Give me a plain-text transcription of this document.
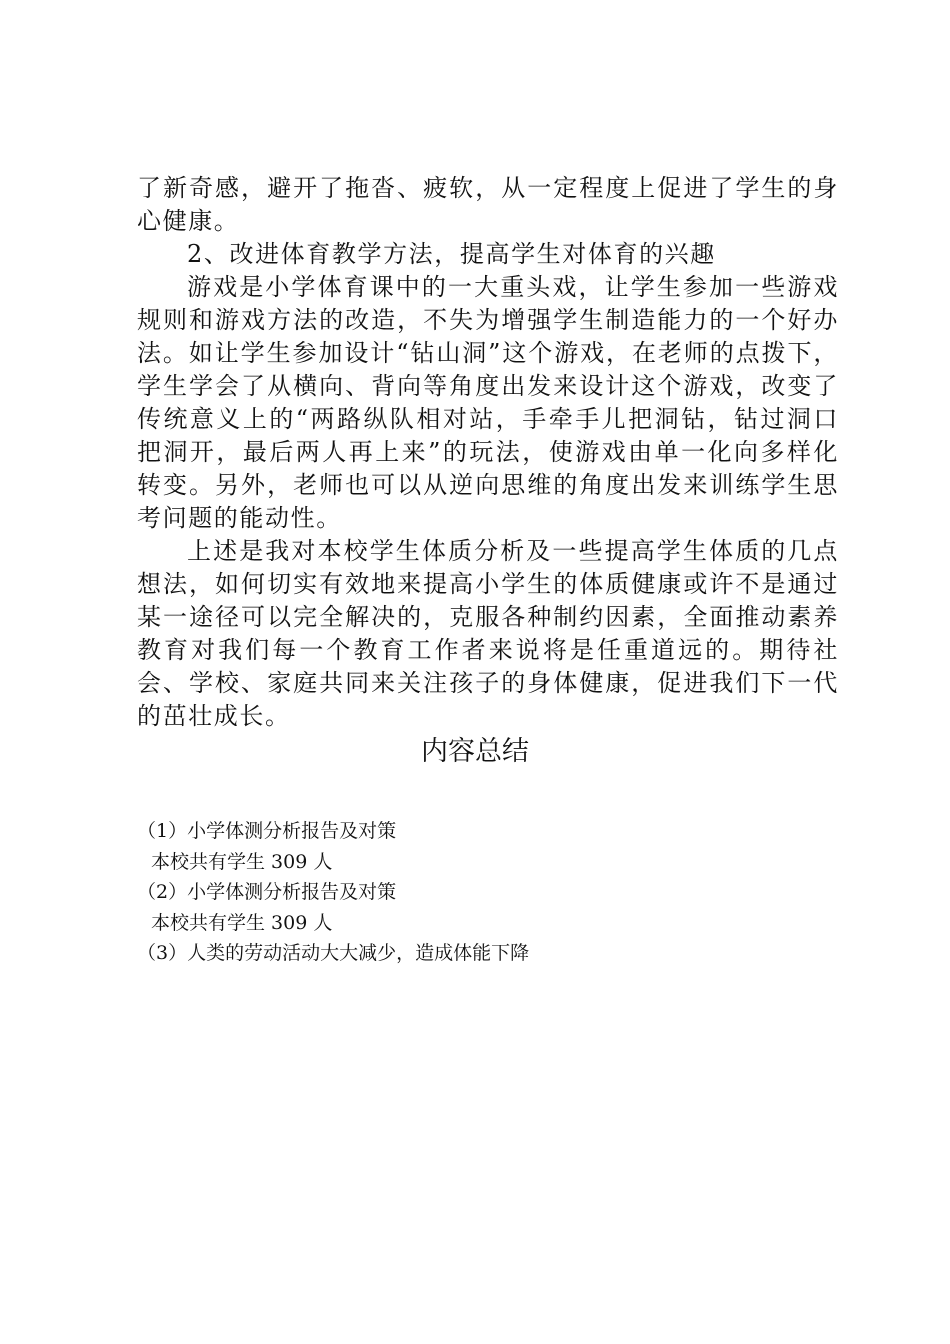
了新奇感，避开了拖沓、疲软，从一定程度上促进了学生的身心健康。

2、改进体育教学方法，提高学生对体育的兴趣

游戏是小学体育课中的一大重头戏，让学生参加一些游戏规则和游戏方法的改造，不失为增强学生制造能力的一个好办法。如让学生参加设计“钻山洞”这个游戏，在老师的点拨下，学生学会了从横向、背向等角度出发来设计这个游戏，改变了传统意义上的“两路纵队相对站，手牵手儿把洞钻，钻过洞口把洞开，最后两人再上来”的玩法，使游戏由单一化向多样化转变。另外，老师也可以从逆向思维的角度出发来训练学生思考问题的能动性。

上述是我对本校学生体质分析及一些提高学生体质的几点想法，如何切实有效地来提高小学生的体质健康或许不是通过某一途径可以完全解决的，克服各种制约因素，全面推动素养教育对我们每一个教育工作者来说将是任重道远的。期待社会、学校、家庭共同来关注孩子的身体健康，促进我们下一代的茁壮成长。

内容总结
（1）小学体测分析报告及对策
本校共有学生 309 人
（2）小学体测分析报告及对策
本校共有学生 309 人
（3）人类的劳动活动大大减少，造成体能下降
